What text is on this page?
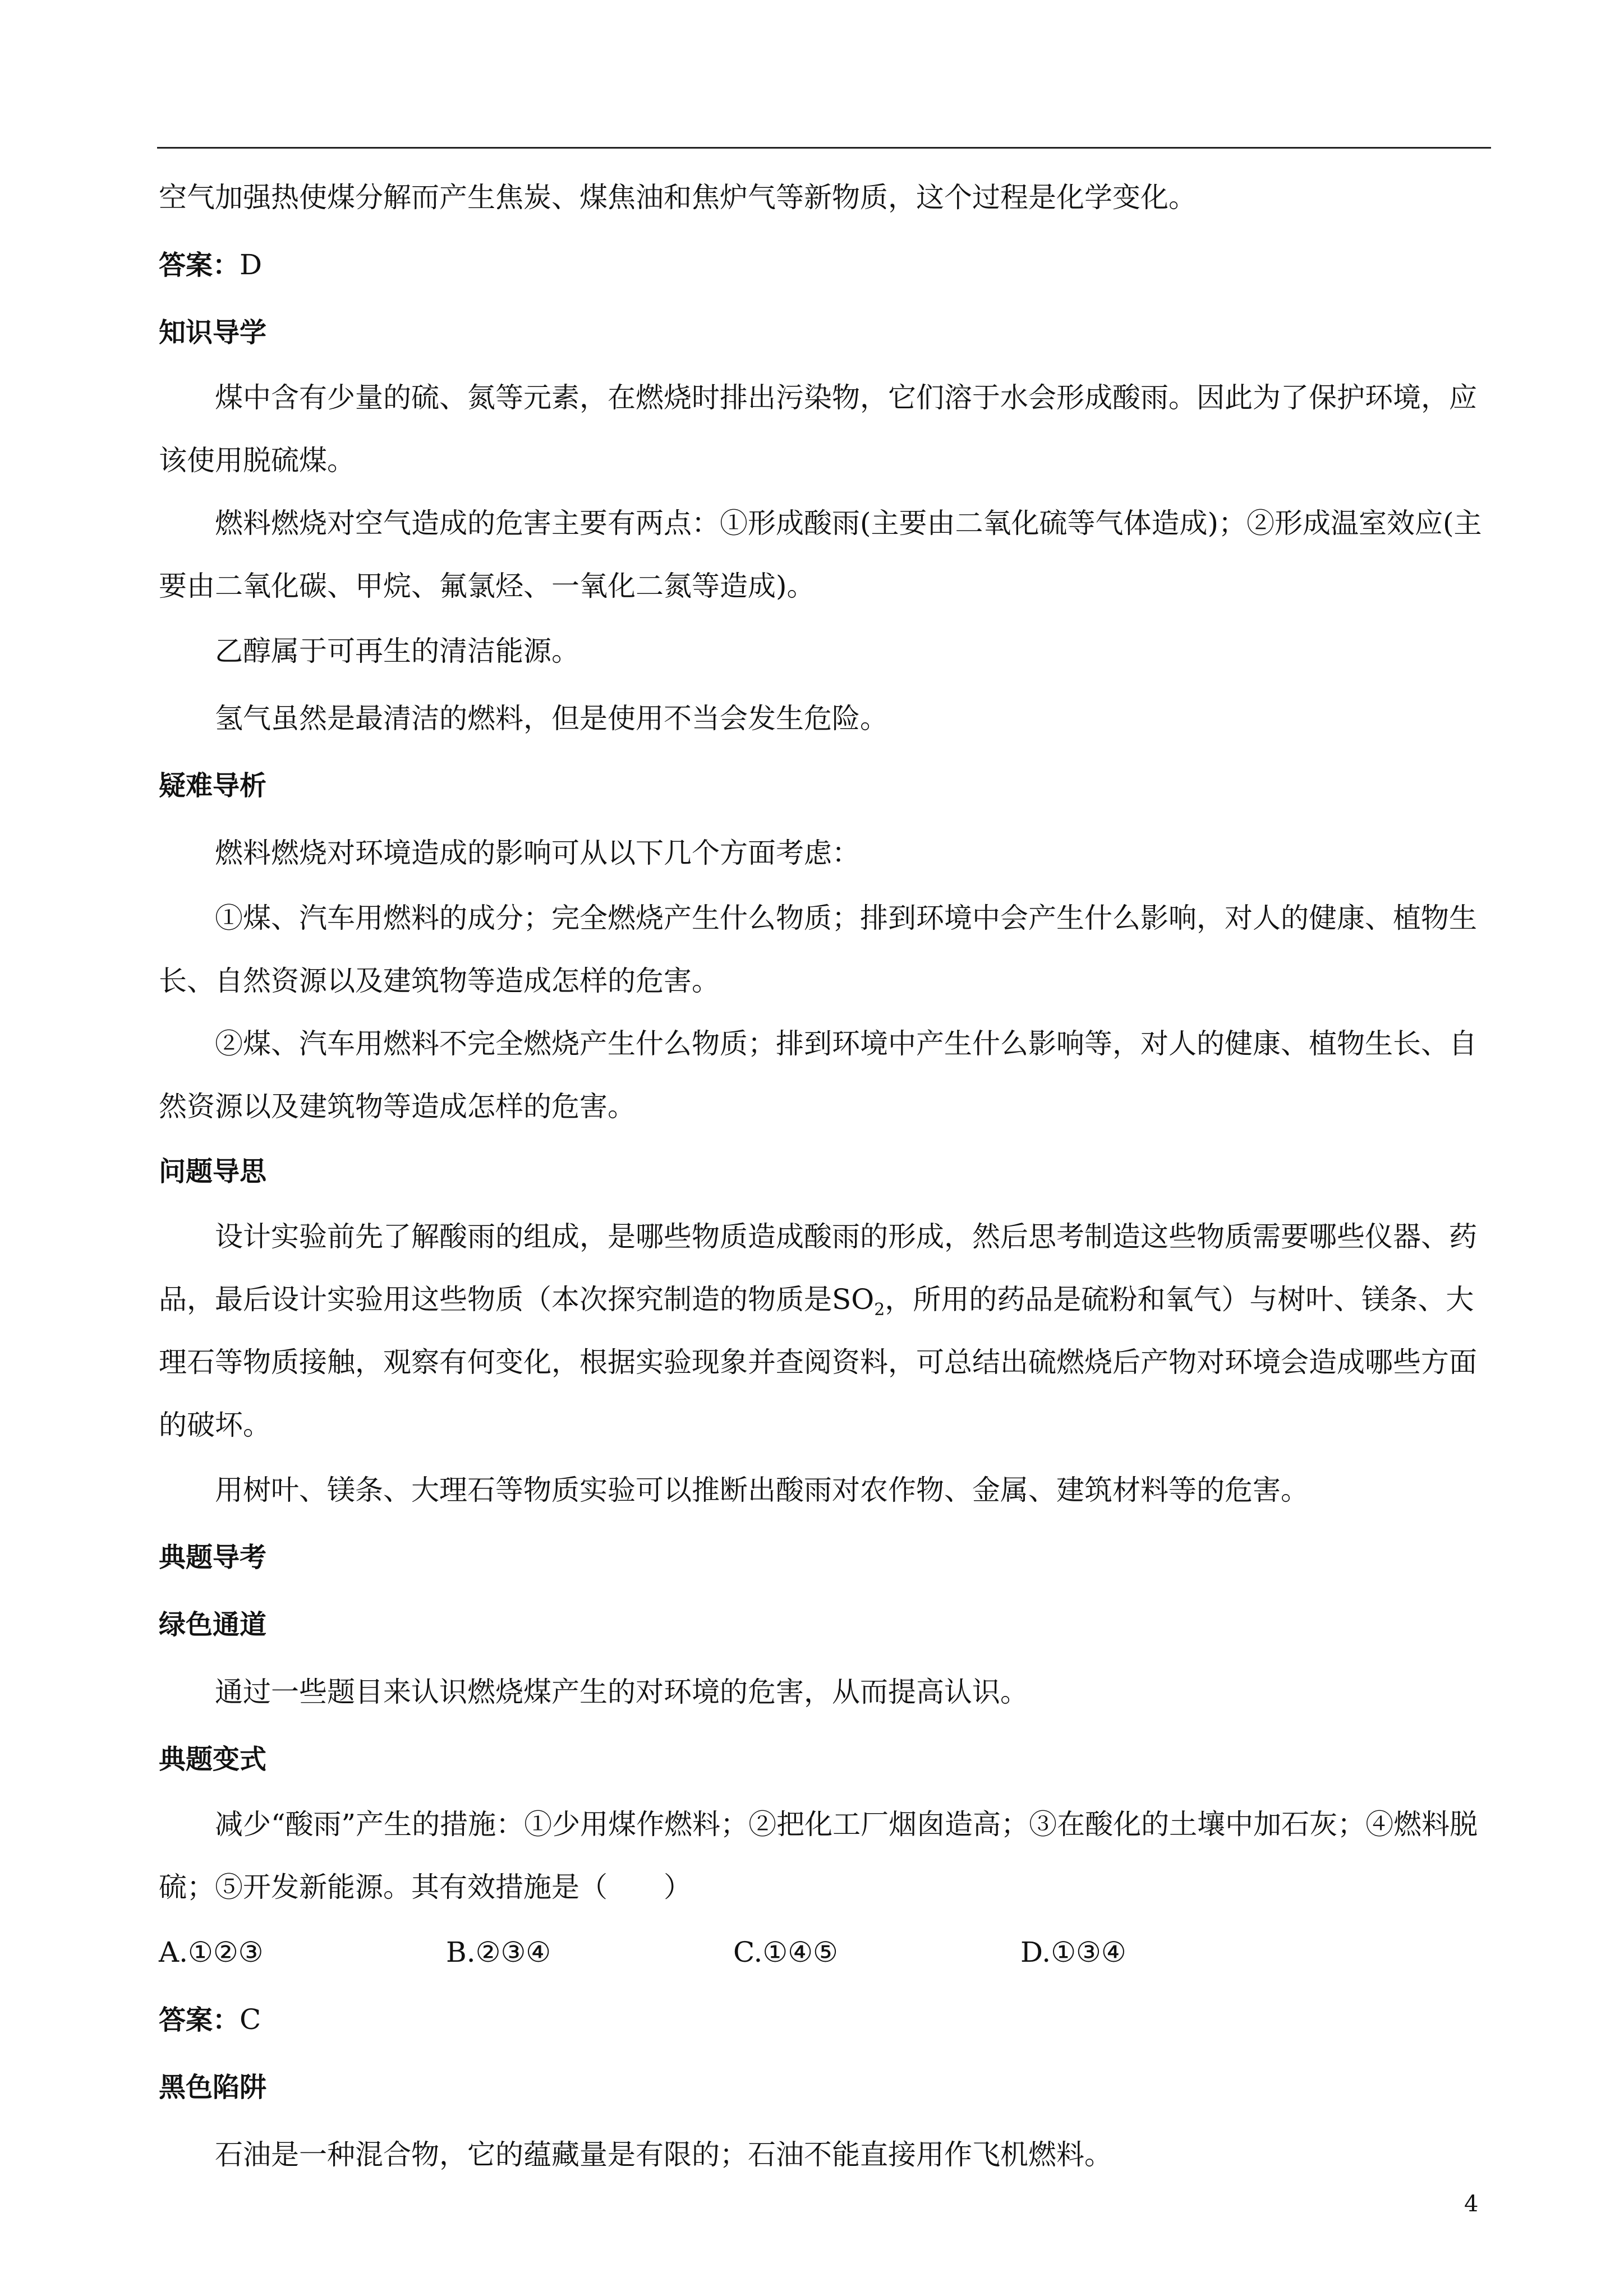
空气加强热使煤分解而产生焦炭、煤焦油和焦炉气等新物质，这个过程是化学变化。

答案：D

知识导学

煤中含有少量的硫、氮等元素，在燃烧时排出污染物，它们溶于水会形成酸雨。因此为了保护环境，应该使用脱硫煤。

燃料燃烧对空气造成的危害主要有两点：①形成酸雨(主要由二氧化硫等气体造成)；②形成温室效应(主要由二氧化碳、甲烷、氟氯烃、一氧化二氮等造成)。

乙醇属于可再生的清洁能源。

氢气虽然是最清洁的燃料，但是使用不当会发生危险。

疑难导析

燃料燃烧对环境造成的影响可从以下几个方面考虑：

①煤、汽车用燃料的成分；完全燃烧产生什么物质；排到环境中会产生什么影响，对人的健康、植物生长、自然资源以及建筑物等造成怎样的危害。

②煤、汽车用燃料不完全燃烧产生什么物质；排到环境中产生什么影响等，对人的健康、植物生长、自然资源以及建筑物等造成怎样的危害。

问题导思

设计实验前先了解酸雨的组成，是哪些物质造成酸雨的形成，然后思考制造这些物质需要哪些仪器、药品，最后设计实验用这些物质（本次探究制造的物质是$SO_2$，所用的药品是硫粉和氧气）与树叶、镁条、大理石等物质接触，观察有何变化，根据实验现象并查阅资料，可总结出硫燃烧后产物对环境会造成哪些方面的破坏。

用树叶、镁条、大理石等物质实验可以推断出酸雨对农作物、金属、建筑材料等的危害。

典题导考

绿色通道

通过一些题目来认识燃烧煤产生的对环境的危害，从而提高认识。

典题变式

减少“酸雨”产生的措施：①少用煤作燃料；②把化工厂烟囱造高；③在酸化的土壤中加石灰；④燃料脱硫；⑤开发新能源。其有效措施是（　　）

A.①②③	B.②③④	C.①④⑤	D.①③④

答案：C

黑色陷阱

石油是一种混合物，它的蕴藏量是有限的；石油不能直接用作飞机燃料。

4
